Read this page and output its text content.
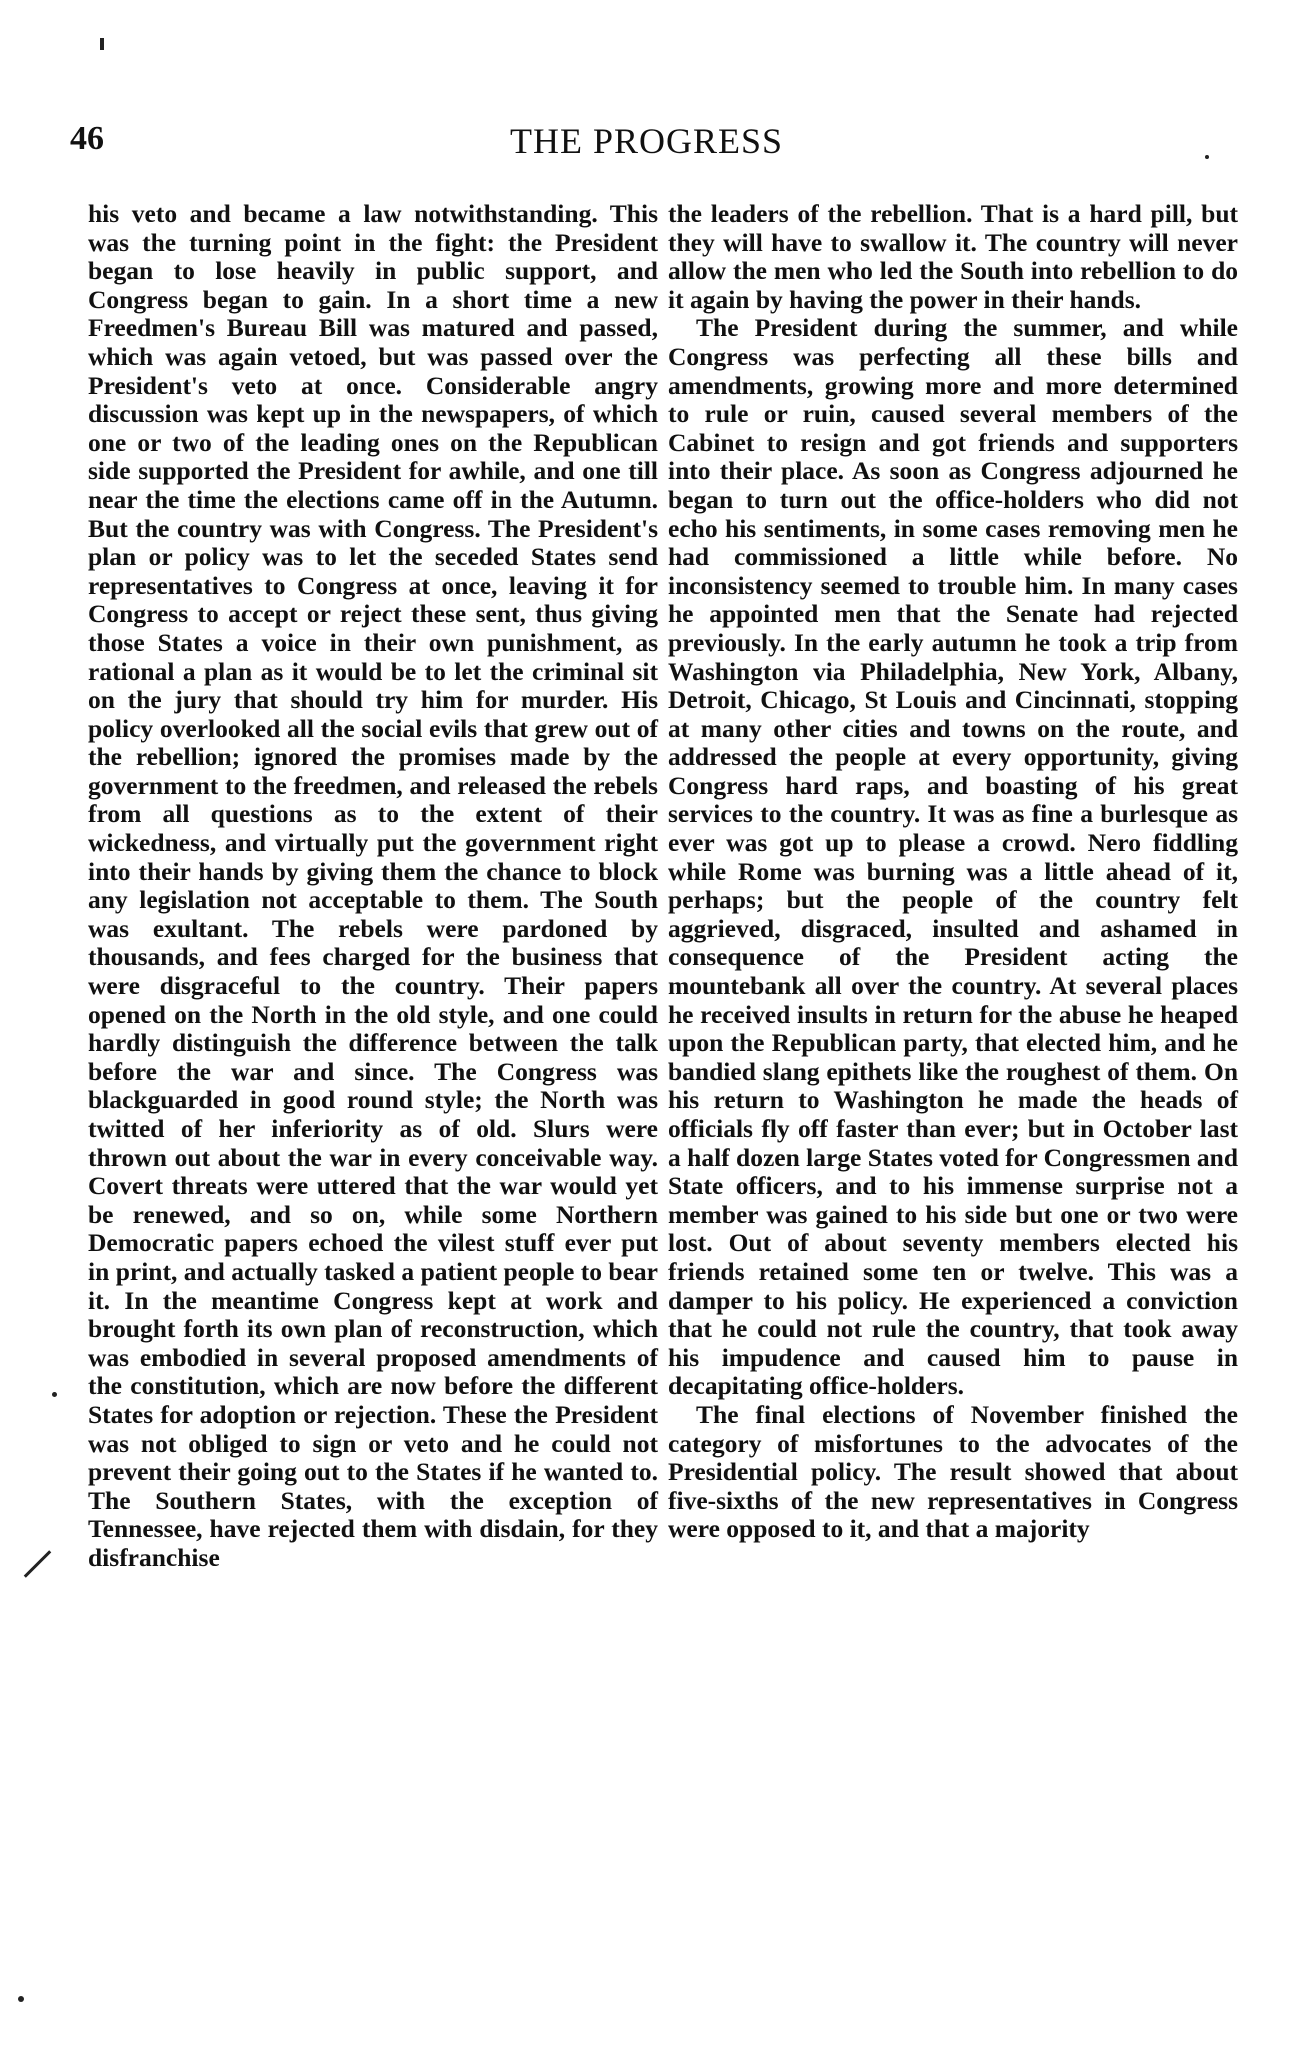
46	THE PROGRESS

his veto and became a law notwithstanding. This was the turning point in the fight: the President began to lose heavily in public support, and Congress began to gain. In a short time a new Freedmen's Bureau Bill was matured and passed, which was again vetoed, but was passed over the President's veto at once. Considerable angry discussion was kept up in the newspapers, of which one or two of the leading ones on the Republican side supported the President for awhile, and one till near the time the elections came off in the Autumn. But the country was with Congress. The President's plan or policy was to let the seceded States send representatives to Congress at once, leaving it for Congress to accept or reject these sent, thus giving those States a voice in their own punishment, as rational a plan as it would be to let the criminal sit on the jury that should try him for murder. His policy overlooked all the social evils that grew out of the rebellion; ignored the promises made by the government to the freedmen, and released the rebels from all questions as to the extent of their wickedness, and virtually put the government right into their hands by giving them the chance to block any legislation not acceptable to them. The South was exultant. The rebels were pardoned by thousands, and fees charged for the business that were disgraceful to the country. Their papers opened on the North in the old style, and one could hardly distinguish the difference between the talk before the war and since. The Congress was blackguarded in good round style; the North was twitted of her inferiority as of old. Slurs were thrown out about the war in every conceivable way. Covert threats were uttered that the war would yet be renewed, and so on, while some Northern Democratic papers echoed the vilest stuff ever put in print, and actually tasked a patient people to bear it. In the meantime Congress kept at work and brought forth its own plan of reconstruction, which was embodied in several proposed amendments of the constitution, which are now before the different States for adoption or rejection. These the President was not obliged to sign or veto and he could not prevent their going out to the States if he wanted to. The Southern States, with the exception of Tennessee, have rejected them with disdain, for they disfranchise

the leaders of the rebellion. That is a hard pill, but they will have to swallow it. The country will never allow the men who led the South into rebellion to do it again by having the power in their hands.

The President during the summer, and while Congress was perfecting all these bills and amendments, growing more and more determined to rule or ruin, caused several members of the Cabinet to resign and got friends and supporters into their place. As soon as Congress adjourned he began to turn out the office-holders who did not echo his sentiments, in some cases removing men he had commissioned a little while before. No inconsistency seemed to trouble him. In many cases he appointed men that the Senate had rejected previously. In the early autumn he took a trip from Washington via Philadelphia, New York, Albany, Detroit, Chicago, St Louis and Cincinnati, stopping at many other cities and towns on the route, and addressed the people at every opportunity, giving Congress hard raps, and boasting of his great services to the country. It was as fine a burlesque as ever was got up to please a crowd. Nero fiddling while Rome was burning was a little ahead of it, perhaps; but the people of the country felt aggrieved, disgraced, insulted and ashamed in consequence of the President acting the mountebank all over the country. At several places he received insults in return for the abuse he heaped upon the Republican party, that elected him, and he bandied slang epithets like the roughest of them. On his return to Washington he made the heads of officials fly off faster than ever; but in October last a half dozen large States voted for Congressmen and State officers, and to his immense surprise not a member was gained to his side but one or two were lost. Out of about seventy members elected his friends retained some ten or twelve. This was a damper to his policy. He experienced a conviction that he could not rule the country, that took away his impudence and caused him to pause in decapitating office-holders.

The final elections of November finished the category of misfortunes to the advocates of the Presidential policy. The result showed that about five-sixths of the new representatives in Congress were opposed to it, and that a majority
